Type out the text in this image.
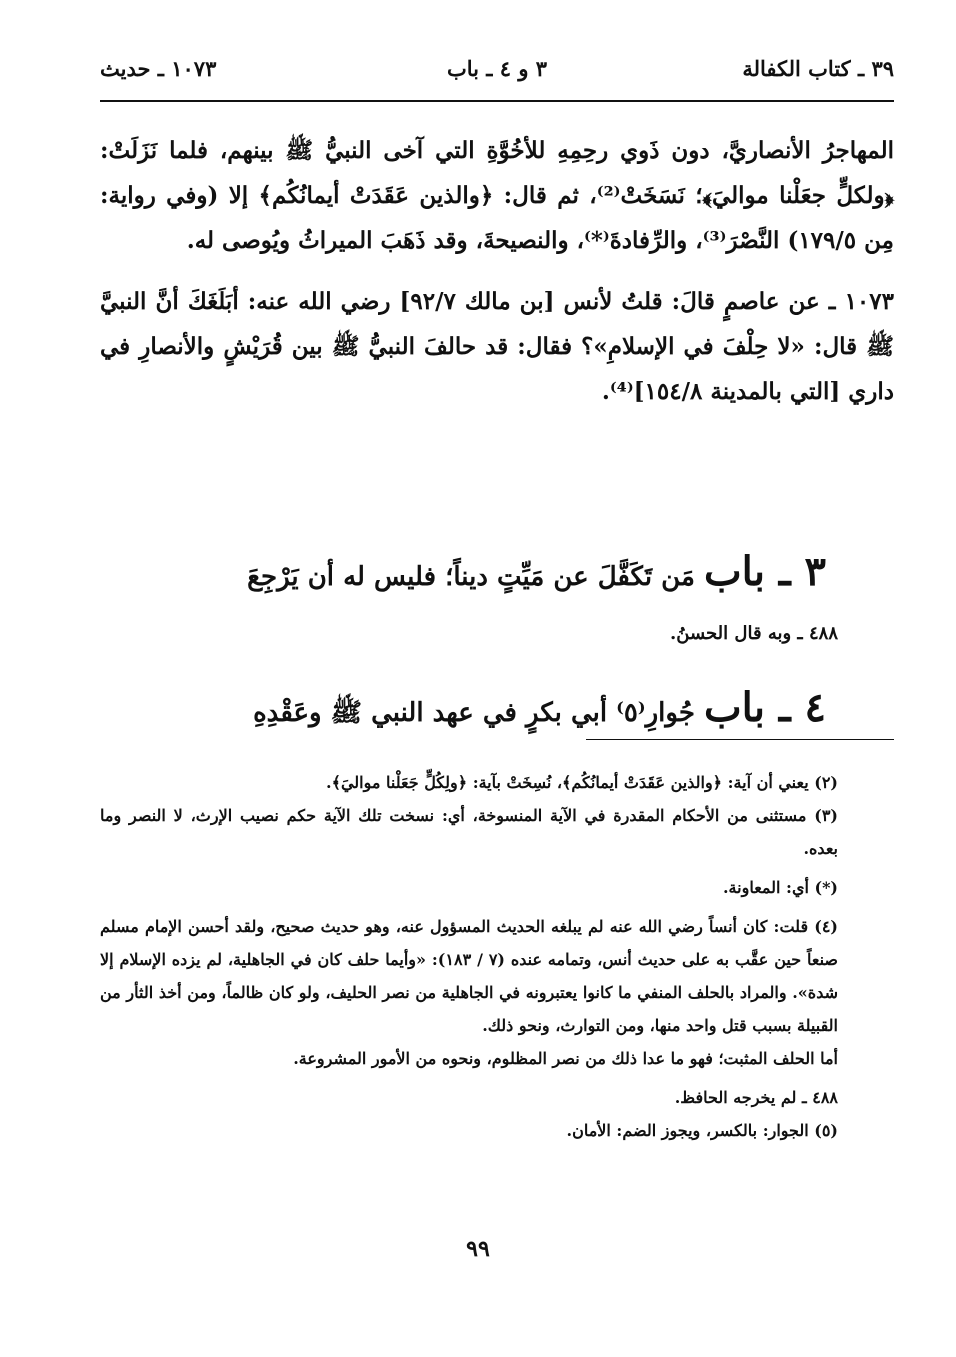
٣٩ ـ كتاب الكفالة
٣ و ٤ ـ باب
١٠٧٣ ـ حديث

المهاجرُ الأنصاريَّ، دون ذَوي رحِمِهِ للأخُوَّةِ التي آخى النبيُّ ﷺ بينهم، فلما نَزَلَتْ: ﴿ولكلٍّ جعَلْنا مواليَ﴾؛ نَسَخَتْ⁽²⁾، ثم قال: ﴿والذين عَقَدَتْ أيمانُكُم﴾ إلا (وفي رواية: مِن ١٧٩/٥) النَّصْرَ⁽³⁾، والرِّفادةَ⁽*⁾، والنصيحةَ، وقد ذَهَبَ الميراثُ ويُوصى له.

١٠٧٣ ـ عن عاصمٍ قالَ: قلتُ لأنس [بن مالك ٩٢/٧] رضي الله عنه: أبَلَغَكَ أنَّ النبيَّ ﷺ قال: «لا حِلْفَ في الإسلامِ»؟ فقال: قد حالفَ النبيُّ ﷺ بين قُرَيْشٍ والأنصارِ في داري [التي بالمدينة ١٥٤/٨]⁽⁴⁾.

٣ ـ باب مَن تَكَفَّلَ عن مَيِّتٍ ديناً؛ فليس له أن يَرْجِعَ
٤٨٨ ـ وبه قال الحسنُ.
٤ ـ باب جُوارِ⁽٥⁾ أبي بكرٍ في عهد النبي ﷺ وعَقْدِهِ

(٢) يعني أن آية: ﴿والذين عَقَدَتْ أيمانُكُم﴾، نُسِخَتْ بآية: ﴿ولِكُلٍّ جَعَلْنا مواليَ﴾.

(٣) مستثنى من الأحكام المقدرة في الآية المنسوخة، أي: نسخت تلك الآية حكم نصيب الإرث، لا النصر وما بعده.

(*) أي: المعاونة.

(٤) قلت: كان أنساً رضي الله عنه لم يبلغه الحديث المسؤول عنه، وهو حديث صحيح، ولقد أحسن الإمام مسلم صنعاً حين عقَّب به على حديث أنس، وتمامه عنده (٧ / ١٨٣): «وأيما حلف كان في الجاهلية، لم يزده الإسلام إلا شدة». والمراد بالحلف المنفي ما كانوا يعتبرونه في الجاهلية من نصر الحليف، ولو كان ظالماً، ومن أخذ الثأر من القبيلة بسبب قتل واحد منها، ومن التوارث، ونحو ذلك.

أما الحلف المثبت؛ فهو ما عدا ذلك من نصر المظلوم، ونحوه من الأمور المشروعة.

٤٨٨ ـ لم يخرجه الحافظ.

(٥) الجوار: بالكسر، ويجوز الضم: الأمان.

٩٩
